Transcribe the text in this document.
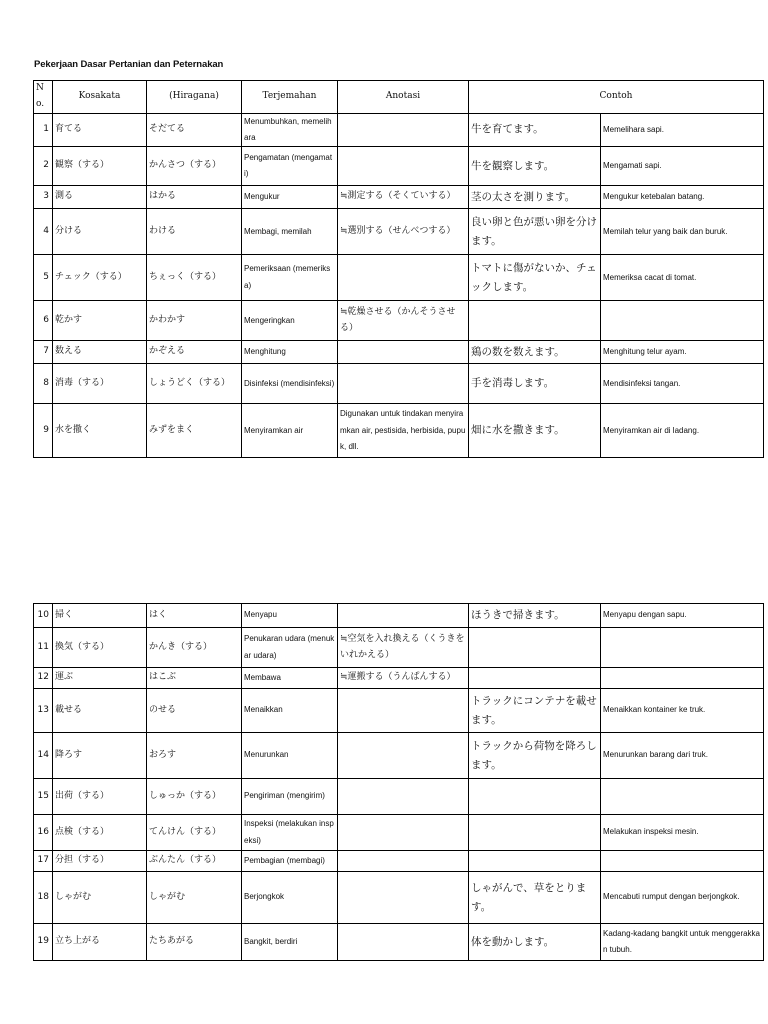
Pekerjaan Dasar Pertanian dan Peternakan
No.	Kosakata	(Hiragana)	Terjemahan	Anotasi	Contoh	
1	育てる	そだてる	Menumbuhkan, memelihara		牛を育てます。	Memelihara sapi.
2	観察（する）	かんさつ（する）	Pengamatan (mengamati)		牛を観察します。	Mengamati sapi.
3	測る	はかる	Mengukur	≒測定する（そくていする）	茎の太さを測ります。	Mengukur ketebalan batang.
4	分ける	わける	Membagi, memilah	≒選別する（せんべつする）	良い卵と色が悪い卵を分けます。	Memilah telur yang baik dan buruk.
5	チェック（する）	ちぇっく（する）	Pemeriksaan (memeriksa)		トマトに傷がないか、チェックします。	Memeriksa cacat di tomat.
6	乾かす	かわかす	Mengeringkan	≒乾燥させる（かんそうさせる）		
7	数える	かぞえる	Menghitung		鶏の数を数えます。	Menghitung telur ayam.
8	消毒（する）	しょうどく（する）	Disinfeksi (mendisinfeksi)		手を消毒します。	Mendisinfeksi tangan.
9	水を撒く	みずをまく	Menyiramkan air	Digunakan untuk tindakan menyiramkan air, pestisida, herbisida, pupuk, dll.	畑に水を撒きます。	Menyiramkan air di ladang.
10	掃く	はく	Menyapu		ほうきで掃きます。	Menyapu dengan sapu.
11	換気（する）	かんき（する）	Penukaran udara (menukar udara)	≒空気を入れ換える（くうきをいれかえる）		
12	運ぶ	はこぶ	Membawa	≒運搬する（うんぱんする）		
13	載せる	のせる	Menaikkan		トラックにコンテナを載せます。	Menaikkan kontainer ke truk.
14	降ろす	おろす	Menurunkan		トラックから荷物を降ろします。	Menurunkan barang dari truk.
15	出荷（する）	しゅっか（する）	Pengiriman (mengirim)			
16	点検（する）	てんけん（する）	Inspeksi (melakukan inspeksi)			Melakukan inspeksi mesin.
17	分担（する）	ぶんたん（する）	Pembagian (membagi)			
18	しゃがむ	しゃがむ	Berjongkok		しゃがんで、草をとります。	Mencabuti rumput dengan berjongkok.
19	立ち上がる	たちあがる	Bangkit, berdiri		体を動かします。	Kadang-kadang bangkit untuk menggerakkan tubuh.
